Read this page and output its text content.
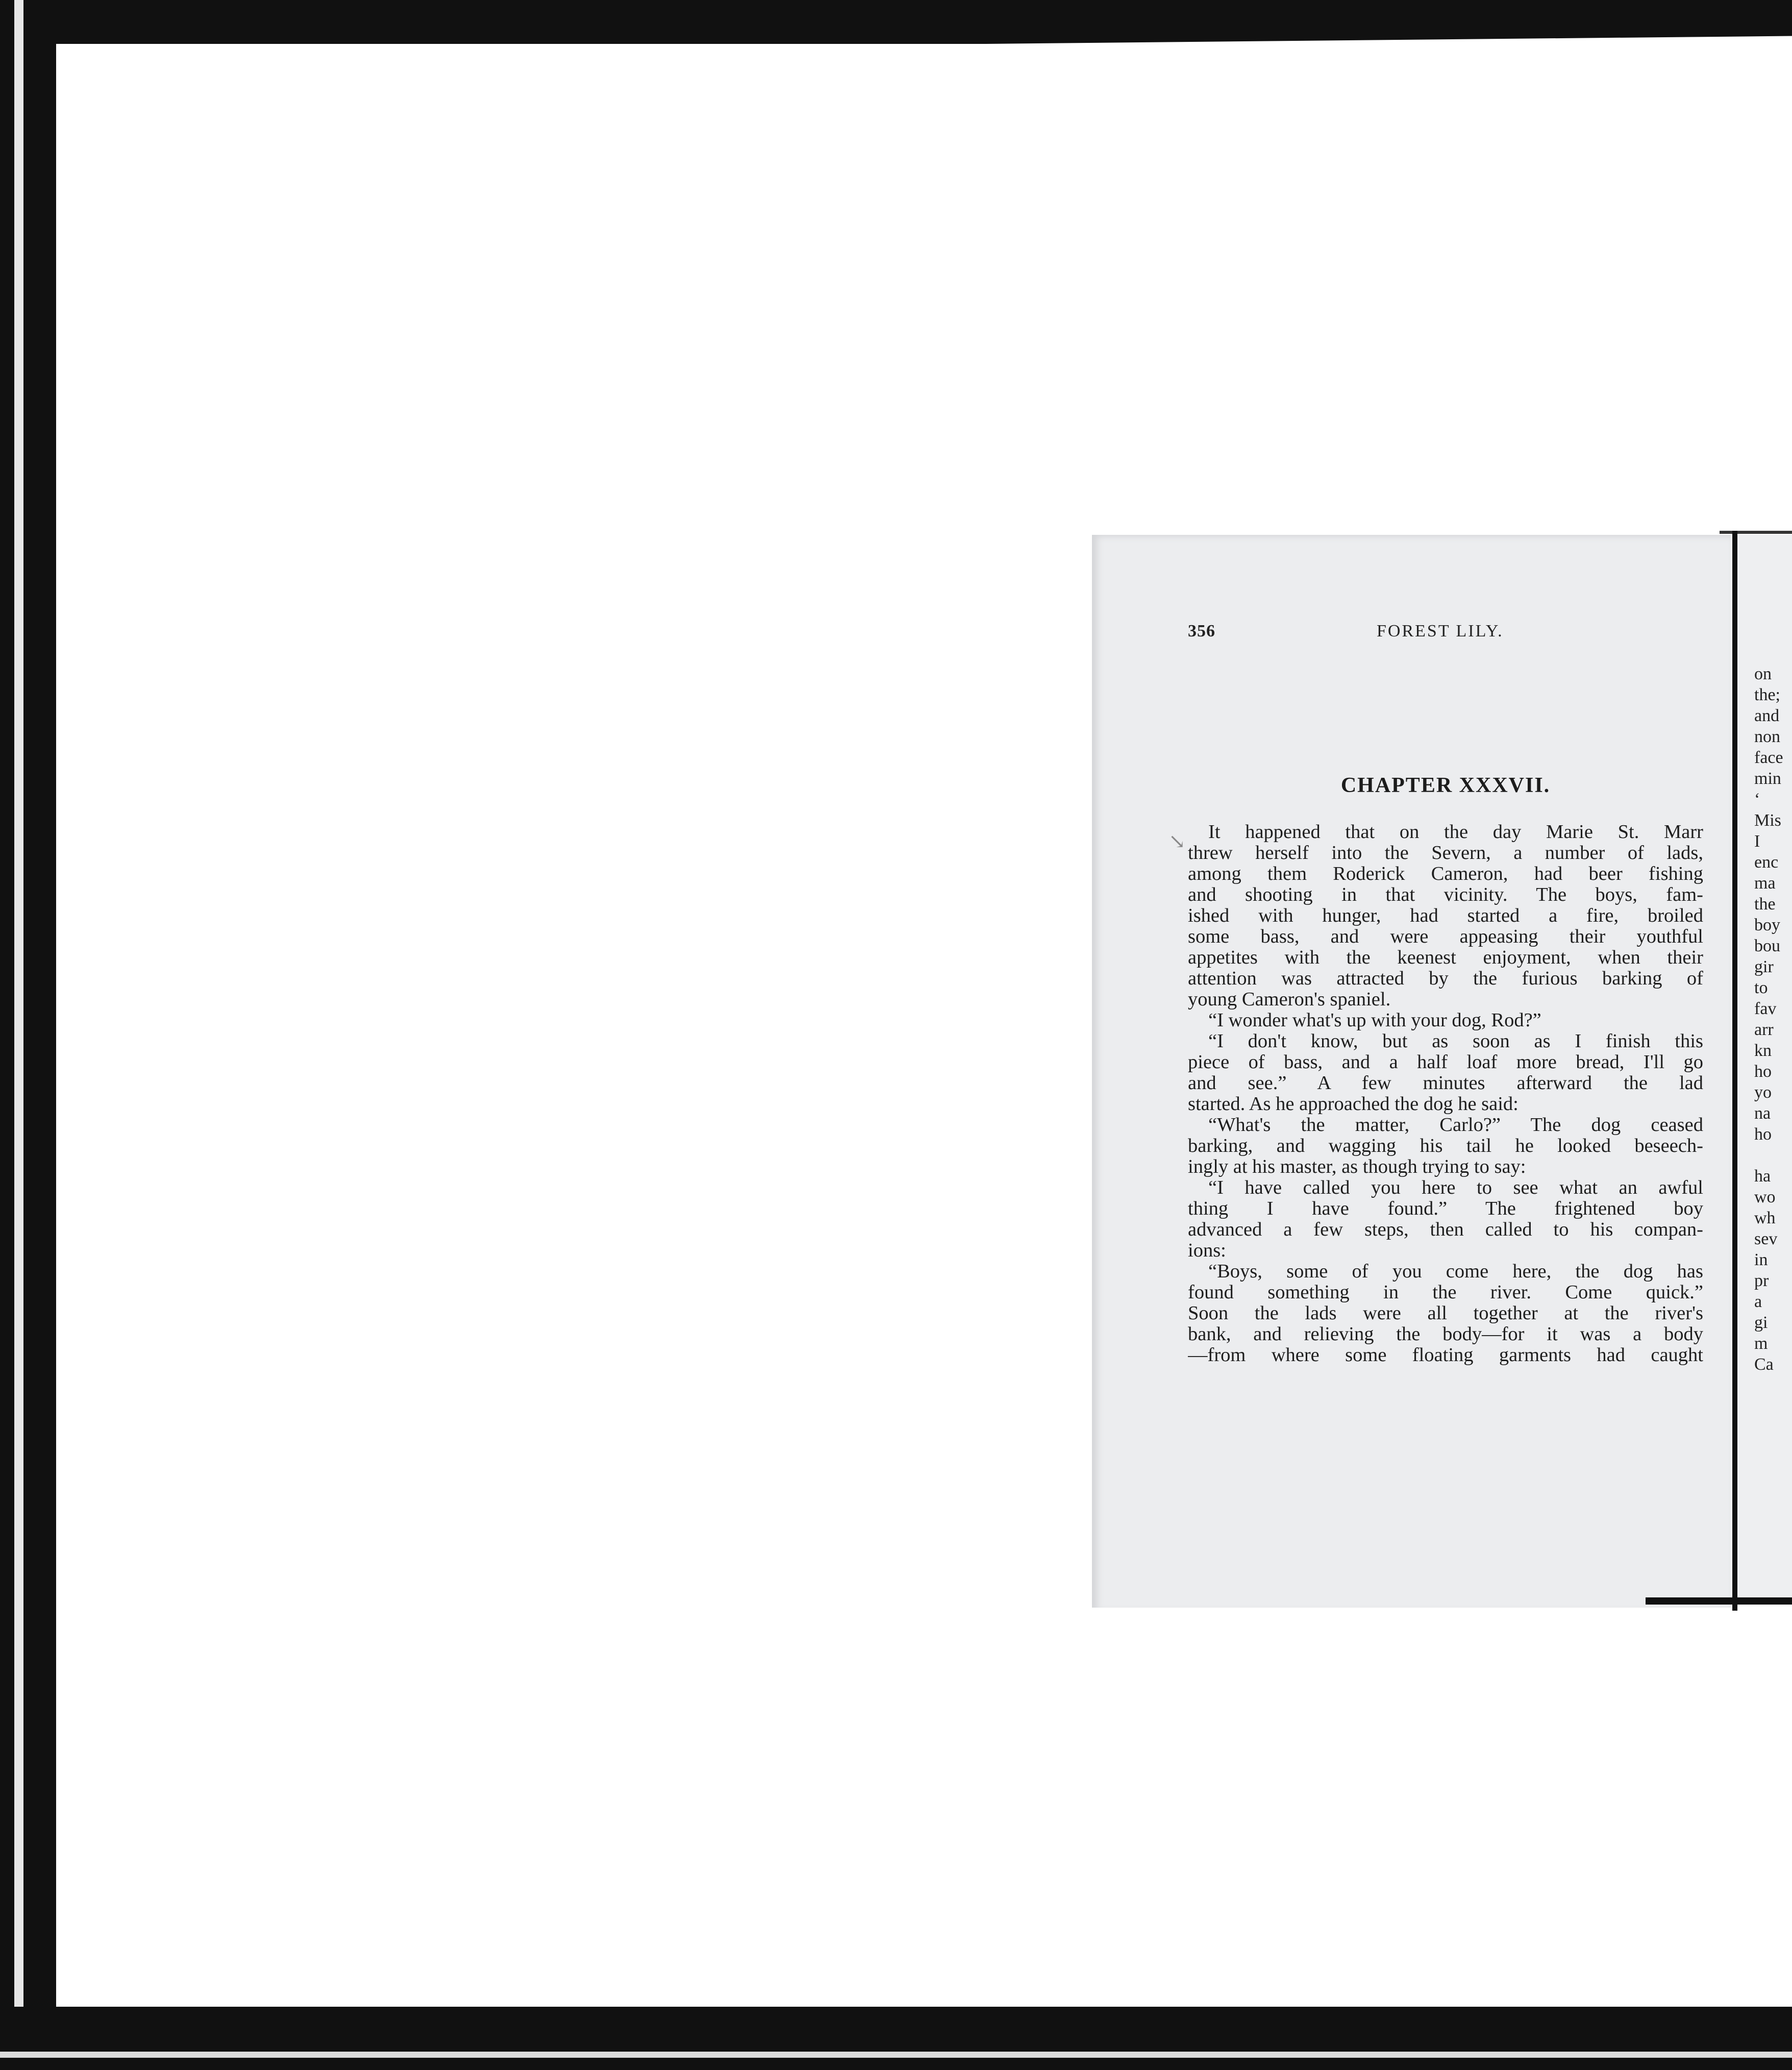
356	FOREST LILY.
CHAPTER XXXVII.
↘	It happened that on the day Marie St. Marr
threw herself into the Severn, a number of lads,
among them Roderick Cameron, had beer fishing
and shooting in that vicinity. The boys, fam-
ished with hunger, had started a fire, broiled
some bass, and were appeasing their youthful
appetites with the keenest enjoyment, when their
attention was attracted by the furious barking of
young Cameron's spaniel.
“I wonder what's up with your dog, Rod?”
“I don't know, but as soon as I finish this
piece of bass, and a half loaf more bread, I'll go
and see.” A few minutes afterward the lad
started. As he approached the dog he said:
“What's the matter, Carlo?” The dog ceased
barking, and wagging his tail he looked beseech-
ingly at his master, as though trying to say:
“I have called you here to see what an awful
thing I have found.” The frightened boy
advanced a few steps, then called to his compan-
ions:
“Boys, some of you come here, the dog has
found something in the river. Come quick.”
Soon the lads were all together at the river's
bank, and relieving the body—for it was a body
—from where some floating garments had caught
on
the;
and
non
face
min
‘
Mis
I
enc
ma
the
boy
bou
gir
to
fav
arr
kn
ho
yo
na
ho
ha
wo
wh
sev
in
pr
a
gi
m
Ca
